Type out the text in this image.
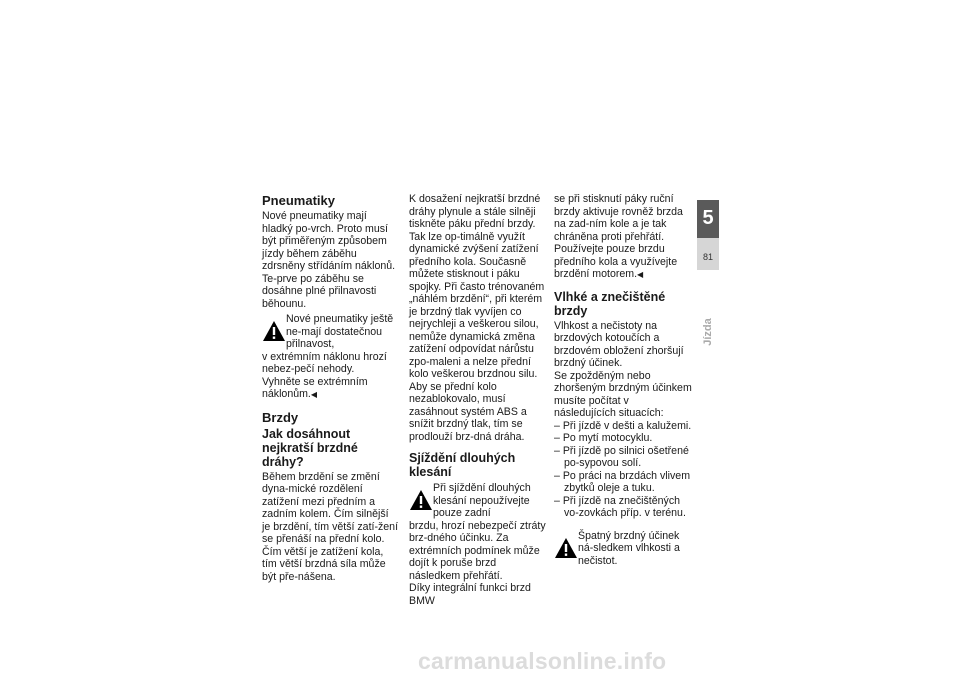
Pneumatiky

Nové pneumatiky mají hladký po-vrch. Proto musí být přiměřeným způsobem jízdy během záběhu zdrsněny střídáním náklonů. Te-prve po záběhu se dosáhne plné přilnavosti běhounu.

Nové pneumatiky ještě ne-mají dostatečnou přilnavost,

v extrémním náklonu hrozí nebez-pečí nehody.

Vyhněte se extrémním náklonům.◀

Brzdy
Jak dosáhnout nejkratší brzdné dráhy?

Během brzdění se změní dyna-mické rozdělení zatížení mezi předním a zadním kolem. Čím silnější je brzdění, tím větší zatí-žení se přenáší na přední kolo. Čím větší je zatížení kola, tím větší brzdná síla může být pře-nášena.

K dosažení nejkratší brzdné dráhy plynule a stále silněji tiskněte páku přední brzdy. Tak lze op-timálně využít dynamické zvýšení zatížení předního kola. Současně můžete stisknout i páku spojky. Při často trénovaném „náhlém brzdění“, při kterém je brzdný tlak vyvíjen co nejrychleji a veškerou silou, nemůže dynamická změna zatížení odpovídat nárůstu zpo-maleni a nelze přední kolo veškerou brzdnou silu. Aby se přední kolo nezablokovalo, musí zasáhnout systém ABS a snížit brzdný tlak, tím se prodlouží brz-dná dráha.

Sjíždění dlouhých klesání

Při sjíždění dlouhých klesání nepoužívejte pouze zadní

brzdu, hrozí nebezpečí ztráty brz-dného účinku. Za extrémních podmínek může dojít k poruše brzd následkem přehřátí.

Díky integrální funkci brzd BMW

se při stisknutí páky ruční brzdy aktivuje rovněž brzda na zad-ním kole a je tak chráněna proti přehřátí. Používejte pouze brzdu předního kola a využívejte brzdění motorem.◀

Vlhké a znečištěné brzdy

Vlhkost a nečistoty na brzdových kotoučích a brzdovém obložení zhoršují brzdný účinek.

Se zpožděným nebo zhoršeným brzdným účinkem musíte počítat v následujících situacích:

– Při jízdě v dešti a kalužemi.
– Po mytí motocyklu.
– Při jízdě po silnici ošetřené po-sypovou solí.
– Po práci na brzdách vlivem zbytků oleje a tuku.
– Při jízdě na znečištěných vo-zovkách příp. v terénu.

Špatný brzdný účinek ná-sledkem vlhkosti a nečistot.

5
81
Jízda
carmanualsonline.info
